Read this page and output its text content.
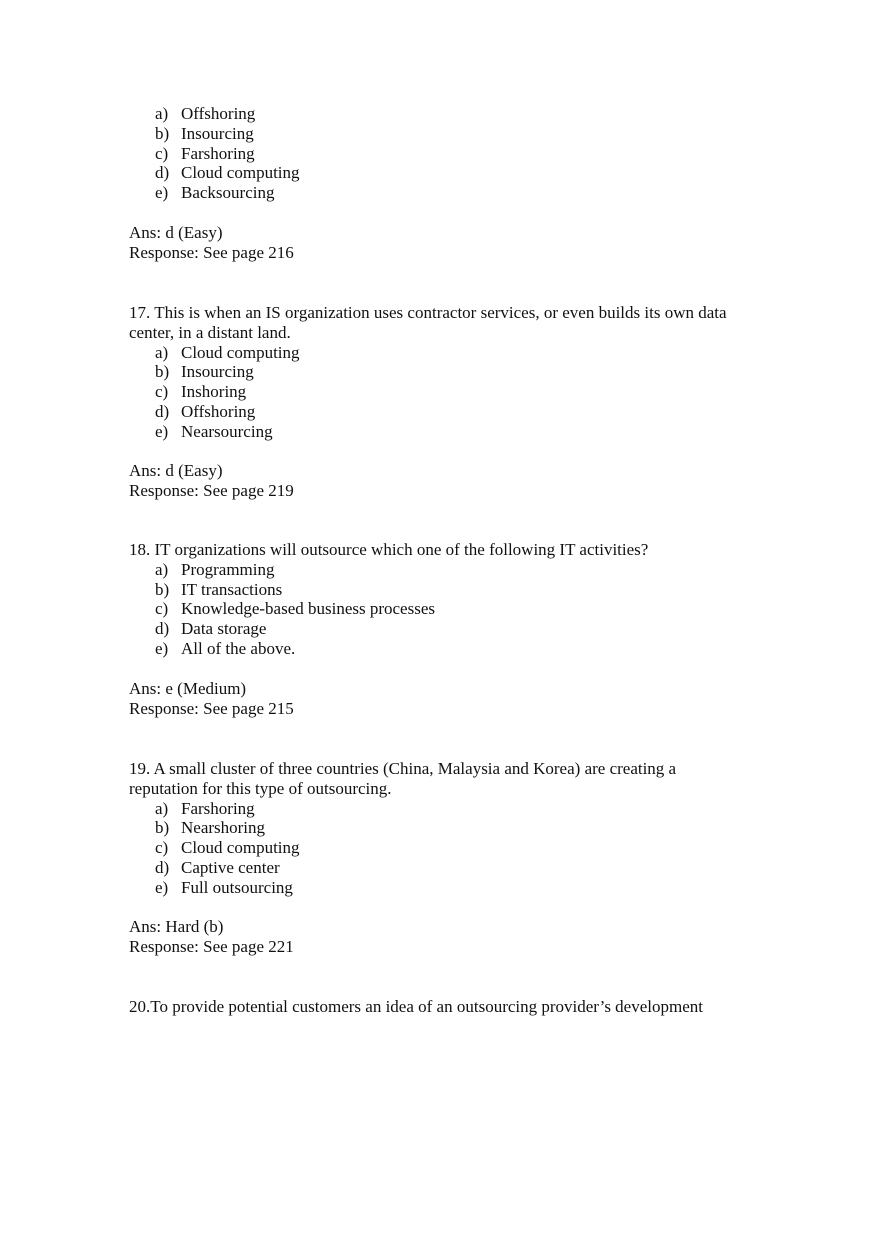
a) Offshoring
b) Insourcing
c) Farshoring
d) Cloud computing
e) Backsourcing
Ans: d (Easy)
Response: See page 216
17. This is when an IS organization uses contractor services, or even builds its own data
center, in a distant land.
a) Cloud computing
b) Insourcing
c) Inshoring
d) Offshoring
e) Nearsourcing
Ans: d (Easy)
Response: See page 219
18. IT organizations will outsource which one of the following IT activities?
a) Programming
b) IT transactions
c) Knowledge-based business processes
d) Data storage
e) All of the above.
Ans: e (Medium)
Response: See page 215
19. A small cluster of three countries (China, Malaysia and Korea) are creating a
reputation for this type of outsourcing.
a) Farshoring
b) Nearshoring
c) Cloud computing
d) Captive center
e) Full outsourcing
Ans: Hard (b)
Response: See page 221
20.To provide potential customers an idea of an outsourcing provider’s development
